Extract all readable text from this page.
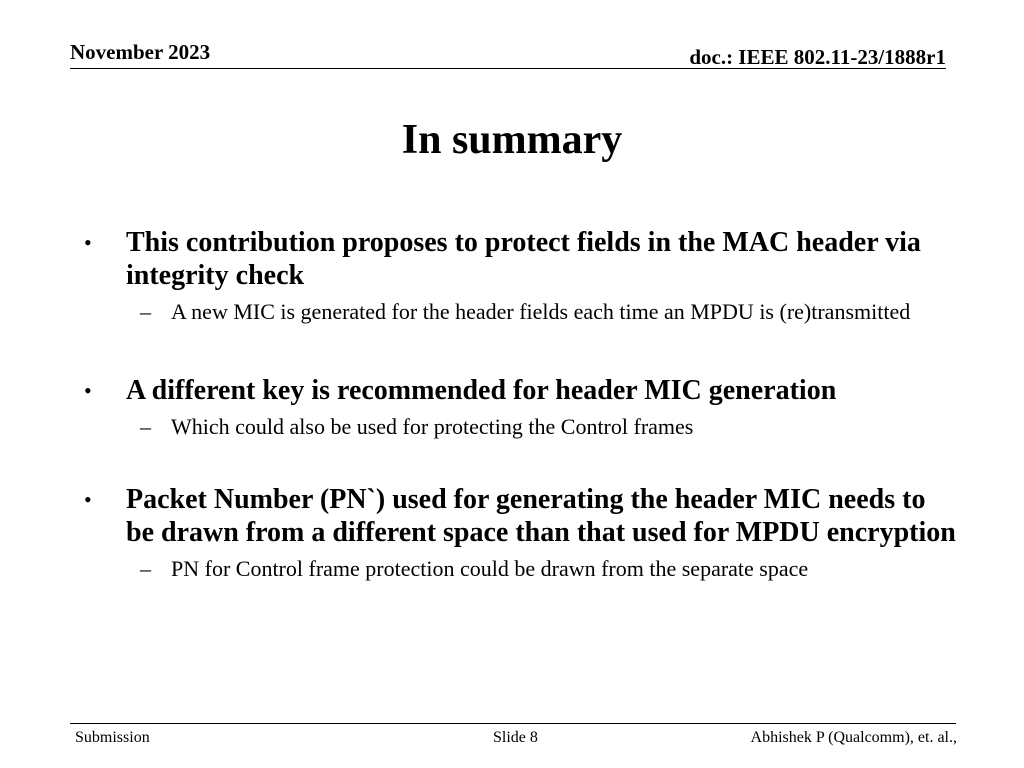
November 2023	doc.: IEEE 802.11-23/1888r1
In summary
• This contribution proposes to protect fields in the MAC header via integrity check
– A new MIC is generated for the header fields each time an MPDU is (re)transmitted
• A different key is recommended for header MIC generation
– Which could also be used for protecting the Control frames
• Packet Number (PN`) used for generating the header MIC needs to be drawn from a different space than that used for MPDU encryption
– PN for Control frame protection could be drawn from the separate space
Submission	Slide 8	Abhishek P (Qualcomm), et. al.,
